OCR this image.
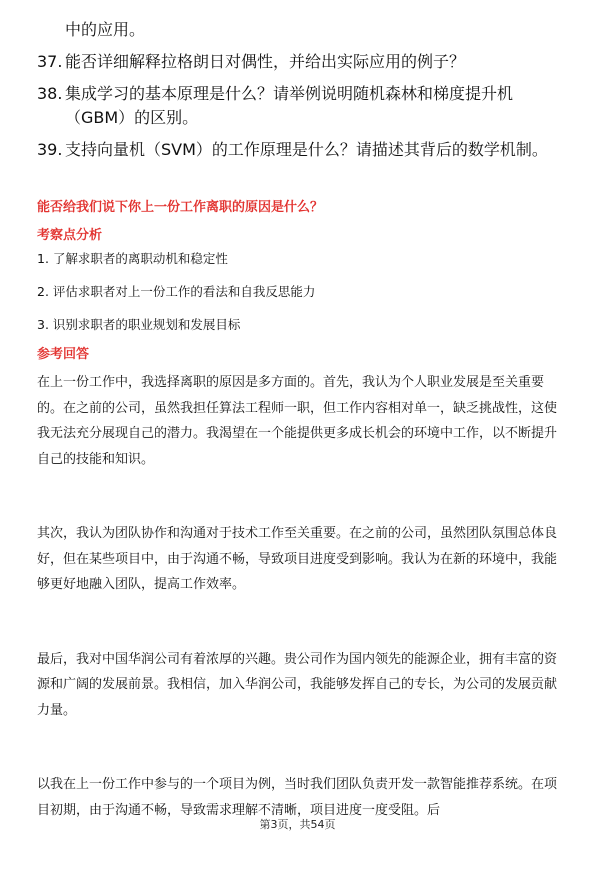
中的应用。
37. 能否详细解释拉格朗日对偶性，并给出实际应用的例子？
38. 集成学习的基本原理是什么？请举例说明随机森林和梯度提升机（GBM）的区别。
39. 支持向量机（SVM）的工作原理是什么？请描述其背后的数学机制。
能否给我们说下你上一份工作离职的原因是什么？
考察点分析
1. 了解求职者的离职动机和稳定性
2. 评估求职者对上一份工作的看法和自我反思能力
3. 识别求职者的职业规划和发展目标
参考回答

在上一份工作中，我选择离职的原因是多方面的。首先，我认为个人职业发展是至关重要的。在之前的公司，虽然我担任算法工程师一职，但工作内容相对单一，缺乏挑战性，这使我无法充分展现自己的潜力。我渴望在一个能提供更多成长机会的环境中工作，以不断提升自己的技能和知识。

其次，我认为团队协作和沟通对于技术工作至关重要。在之前的公司，虽然团队氛围总体良好，但在某些项目中，由于沟通不畅，导致项目进度受到影响。我认为在新的环境中，我能够更好地融入团队，提高工作效率。

最后，我对中国华润公司有着浓厚的兴趣。贵公司作为国内领先的能源企业，拥有丰富的资源和广阔的发展前景。我相信，加入华润公司，我能够发挥自己的专长，为公司的发展贡献力量。

以我在上一份工作中参与的一个项目为例，当时我们团队负责开发一款智能推荐系统。在项目初期，由于沟通不畅，导致需求理解不清晰，项目进度一度受阻。后

第3页，共54页
